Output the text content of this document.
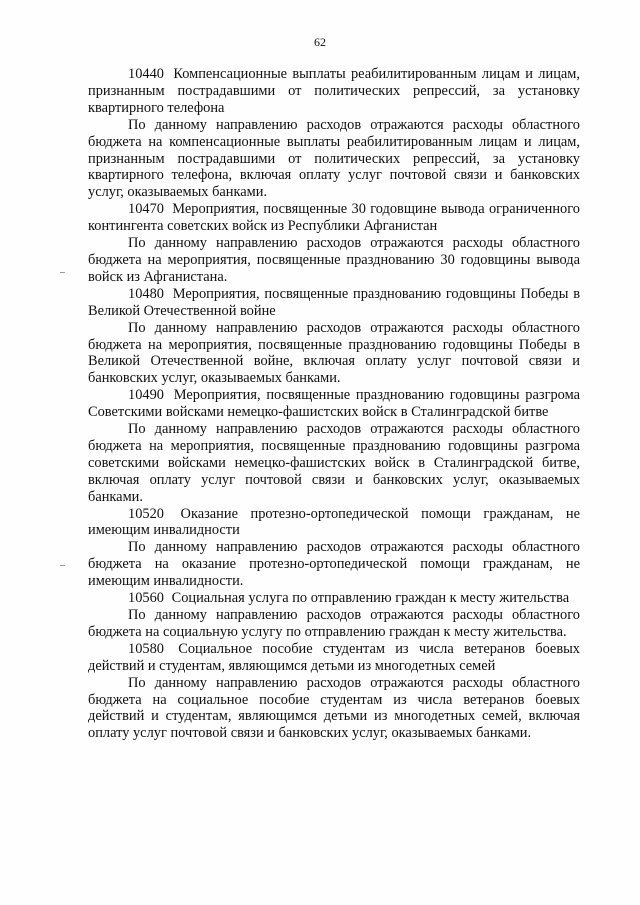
62

10440 Компенсационные выплаты реабилитированным лицам и лицам, признанным пострадавшими от политических репрессий, за установку квартирного телефона

По данному направлению расходов отражаются расходы областного бюджета на компенсационные выплаты реабилитированным лицам и лицам, признанным пострадавшими от политических репрессий, за установку квартирного телефона, включая оплату услуг почтовой связи и банковских услуг, оказываемых банками.

10470 Мероприятия, посвященные 30 годовщине вывода ограниченного контингента советских войск из Республики Афганистан

По данному направлению расходов отражаются расходы областного бюджета на мероприятия, посвященные празднованию 30 годовщины вывода войск из Афганистана.

10480 Мероприятия, посвященные празднованию годовщины Победы в Великой Отечественной войне

По данному направлению расходов отражаются расходы областного бюджета на мероприятия, посвященные празднованию годовщины Победы в Великой Отечественной войне, включая оплату услуг почтовой связи и банковских услуг, оказываемых банками.

10490 Мероприятия, посвященные празднованию годовщины разгрома Советскими войсками немецко-фашистских войск в Сталинградской битве

По данному направлению расходов отражаются расходы областного бюджета на мероприятия, посвященные празднованию годовщины разгрома советскими войсками немецко-фашистских войск в Сталинградской битве, включая оплату услуг почтовой связи и банковских услуг, оказываемых банками.

10520 Оказание протезно-ортопедической помощи гражданам, не имеющим инвалидности

По данному направлению расходов отражаются расходы областного бюджета на оказание протезно-ортопедической помощи гражданам, не имеющим инвалидности.

10560 Социальная услуга по отправлению граждан к месту жительства

По данному направлению расходов отражаются расходы областного бюджета на социальную услугу по отправлению граждан к месту жительства.

10580 Социальное пособие студентам из числа ветеранов боевых действий и студентам, являющимся детьми из многодетных семей

По данному направлению расходов отражаются расходы областного бюджета на социальное пособие студентам из числа ветеранов боевых действий и студентам, являющимся детьми из многодетных семей, включая оплату услуг почтовой связи и банковских услуг, оказываемых банками.
